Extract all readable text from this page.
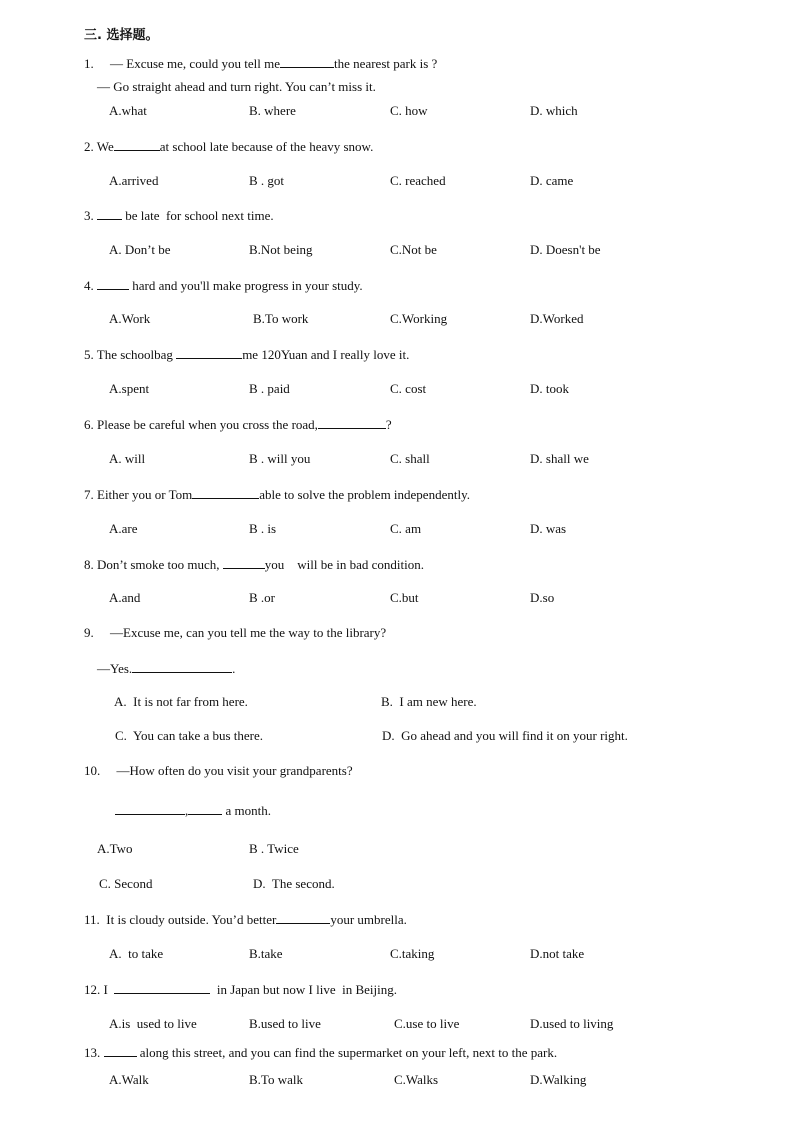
三. 选择题。
1.     — Excuse me, could you tell me	the nearest park is ?
— Go straight ahead and turn right. You can’t miss it.
A.what	B. where	C. how	D. which
2. We	at school late because of the heavy snow.
A.arrived	B . got	C. reached	D. came
3.  be late  for school next time.
A. Don’t be	B.Not being	C.Not be	D. Doesn't be
4.  hard and you'll make progress in your study.
A.Work	B.To work	C.Working	D.Worked
5. The schoolbag	me 120Yuan and I really love it.
A.spent	B . paid	C. cost	D. took
6. Please be careful when you cross the road,	?
A. will	B . will you	C. shall	D. shall we
7. Either you or Tom	able to solve the problem independently.
A.are	B . is	C. am	D. was
8. Don’t smoke too much,	you    will be in bad condition.
A.and	B .or	C.but	D.so
9.     —Excuse me, can you tell me the way to the library?
—Yes.	.
A.  It is not far from here.	B.  I am new here.
C.  You can take a bus there.	D.  Go ahead and you will find it on your right.
10.     —How often do you visit your grandparents?
,	a month.
A.Two	B . Twice
C. Second	D.  The second.
11.  It is cloudy outside. You’d better	your umbrella.
A.  to take	B.take	C.taking	D.not take
12. I	in Japan but now I live  in Beijing.
A.is  used to live	B.used to live	C.use to live	D.used to living
13.	along this street, and you can find the supermarket on your left, next to the park.
A.Walk	B.To walk	C.Walks	D.Walking
